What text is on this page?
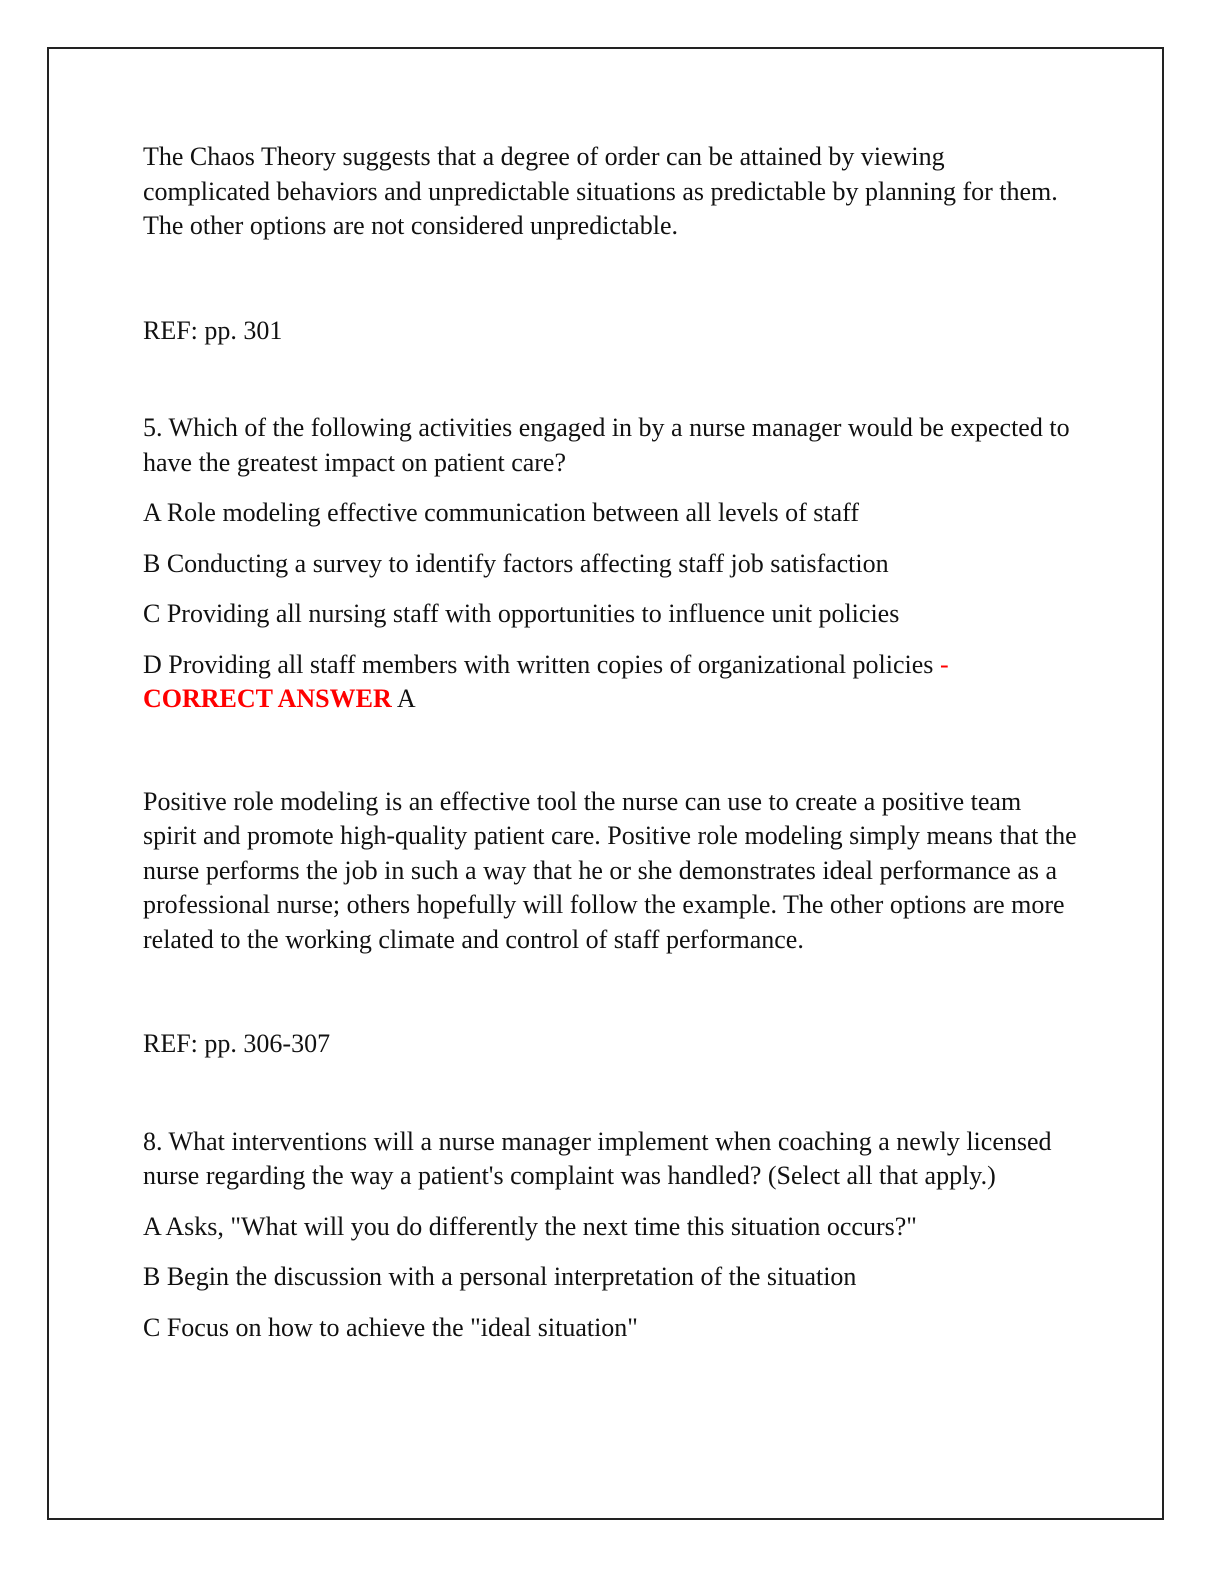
The Chaos Theory suggests that a degree of order can be attained by viewing complicated behaviors and unpredictable situations as predictable by planning for them. The other options are not considered unpredictable.

REF: pp. 301

5. Which of the following activities engaged in by a nurse manager would be expected to have the greatest impact on patient care?

A Role modeling effective communication between all levels of staff

B Conducting a survey to identify factors affecting staff job satisfaction

C Providing all nursing staff with opportunities to influence unit policies

D Providing all staff members with written copies of organizational policies -
CORRECT ANSWER A

Positive role modeling is an effective tool the nurse can use to create a positive team spirit and promote high-quality patient care. Positive role modeling simply means that the nurse performs the job in such a way that he or she demonstrates ideal performance as a professional nurse; others hopefully will follow the example. The other options are more related to the working climate and control of staff performance.

REF: pp. 306-307

8. What interventions will a nurse manager implement when coaching a newly licensed nurse regarding the way a patient's complaint was handled? (Select all that apply.)

A Asks, "What will you do differently the next time this situation occurs?"

B Begin the discussion with a personal interpretation of the situation

C Focus on how to achieve the "ideal situation"
